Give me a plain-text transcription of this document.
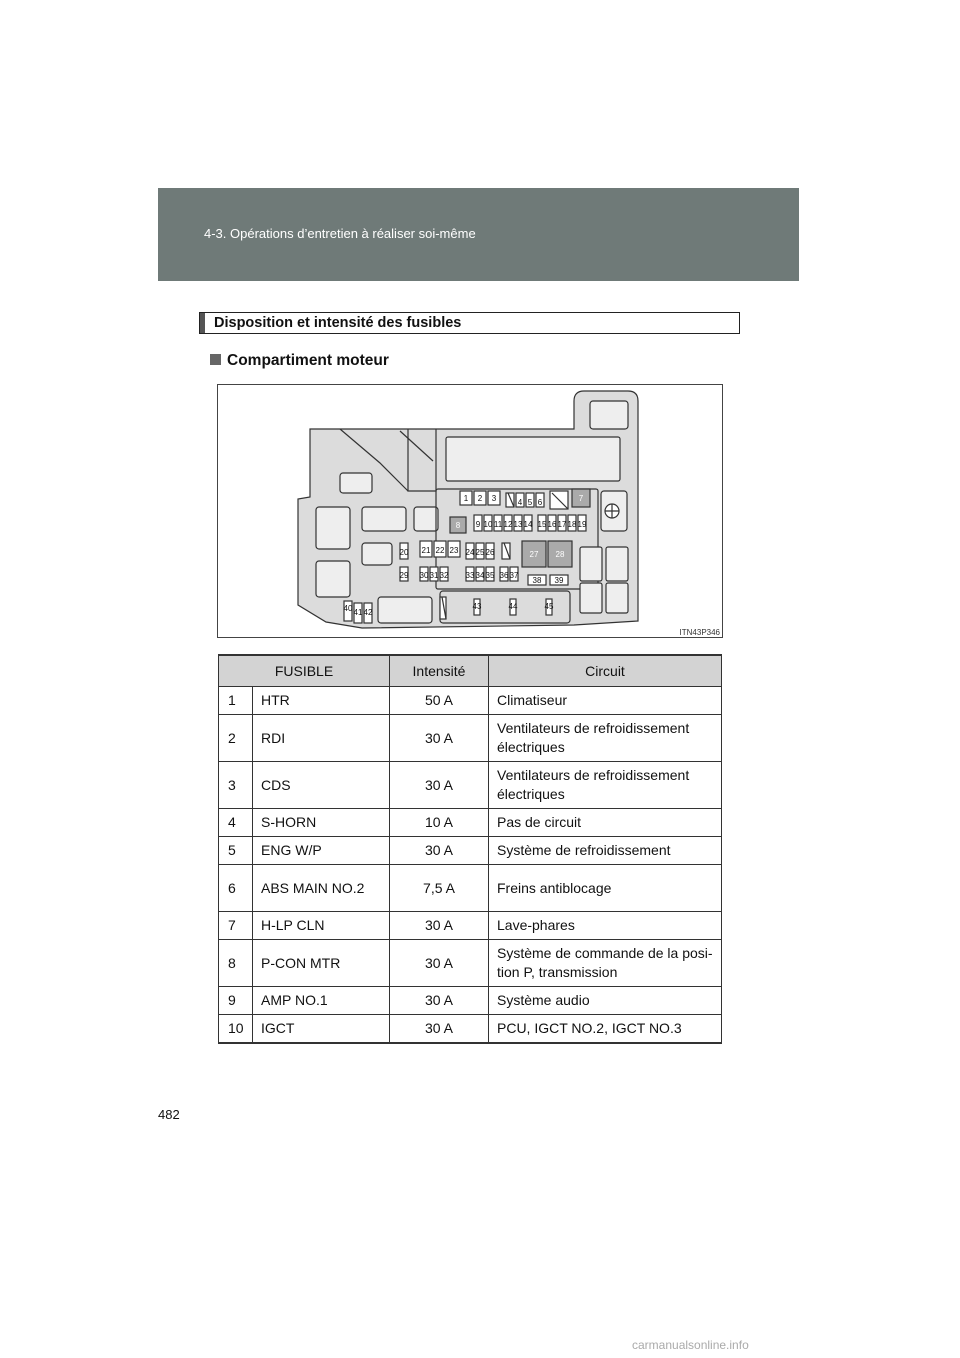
4-3. Opérations d’entretien à réaliser soi-même
Disposition et intensité des fusibles
Compartiment moteur
1 2 3	4 5 6	7
8 9 10 11 12 13 14 15 16 17 18 19
20 21 22 23 24 25 26	27 28
29 30 31 32 33 34 35 36 37
38 39
40 41 42
43	44	45
ITN43P346
FUSIBLE		Intensité	Circuit
1	HTR	50 A	Climatiseur
2	RDI	30 A	Ventilateurs de refroidissement électriques
3	CDS	30 A	Ventilateurs de refroidissement électriques
4	S-HORN	10 A	Pas de circuit
5	ENG W/P	30 A	Système de refroidissement
6	ABS MAIN NO.2	7,5 A	Freins antiblocage
7	H-LP CLN	30 A	Lave-phares
8	P-CON MTR	30 A	Système de commande de la posi-tion P, transmission
9	AMP NO.1	30 A	Système audio
10	IGCT	30 A	PCU, IGCT NO.2, IGCT NO.3
482
carmanualsonline.info
